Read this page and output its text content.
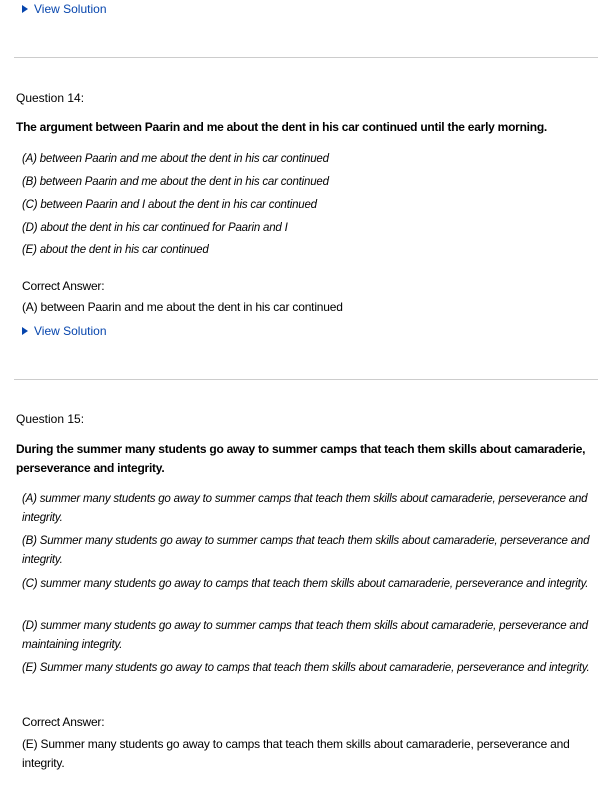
View Solution
Question 14:
The argument between Paarin and me about the dent in his car continued until the early morning.
(A) between Paarin and me about the dent in his car continued
(B) between Paarin and me about the dent in his car continued
(C) between Paarin and I about the dent in his car continued
(D) about the dent in his car continued for Paarin and I
(E) about the dent in his car continued
Correct Answer:
(A) between Paarin and me about the dent in his car continued
View Solution
Question 15:
During the summer many students go away to summer camps that teach them skills about camaraderie, perseverance and integrity.
(A) summer many students go away to summer camps that teach them skills about camaraderie, perseverance and integrity.
(B) Summer many students go away to summer camps that teach them skills about camaraderie, perseverance and integrity.
(C) summer many students go away to camps that teach them skills about camaraderie, perseverance and integrity.
(D) summer many students go away to summer camps that teach them skills about camaraderie, perseverance and maintaining integrity.
(E) Summer many students go away to camps that teach them skills about camaraderie, perseverance and integrity.
Correct Answer:
(E) Summer many students go away to camps that teach them skills about camaraderie, perseverance and integrity.
